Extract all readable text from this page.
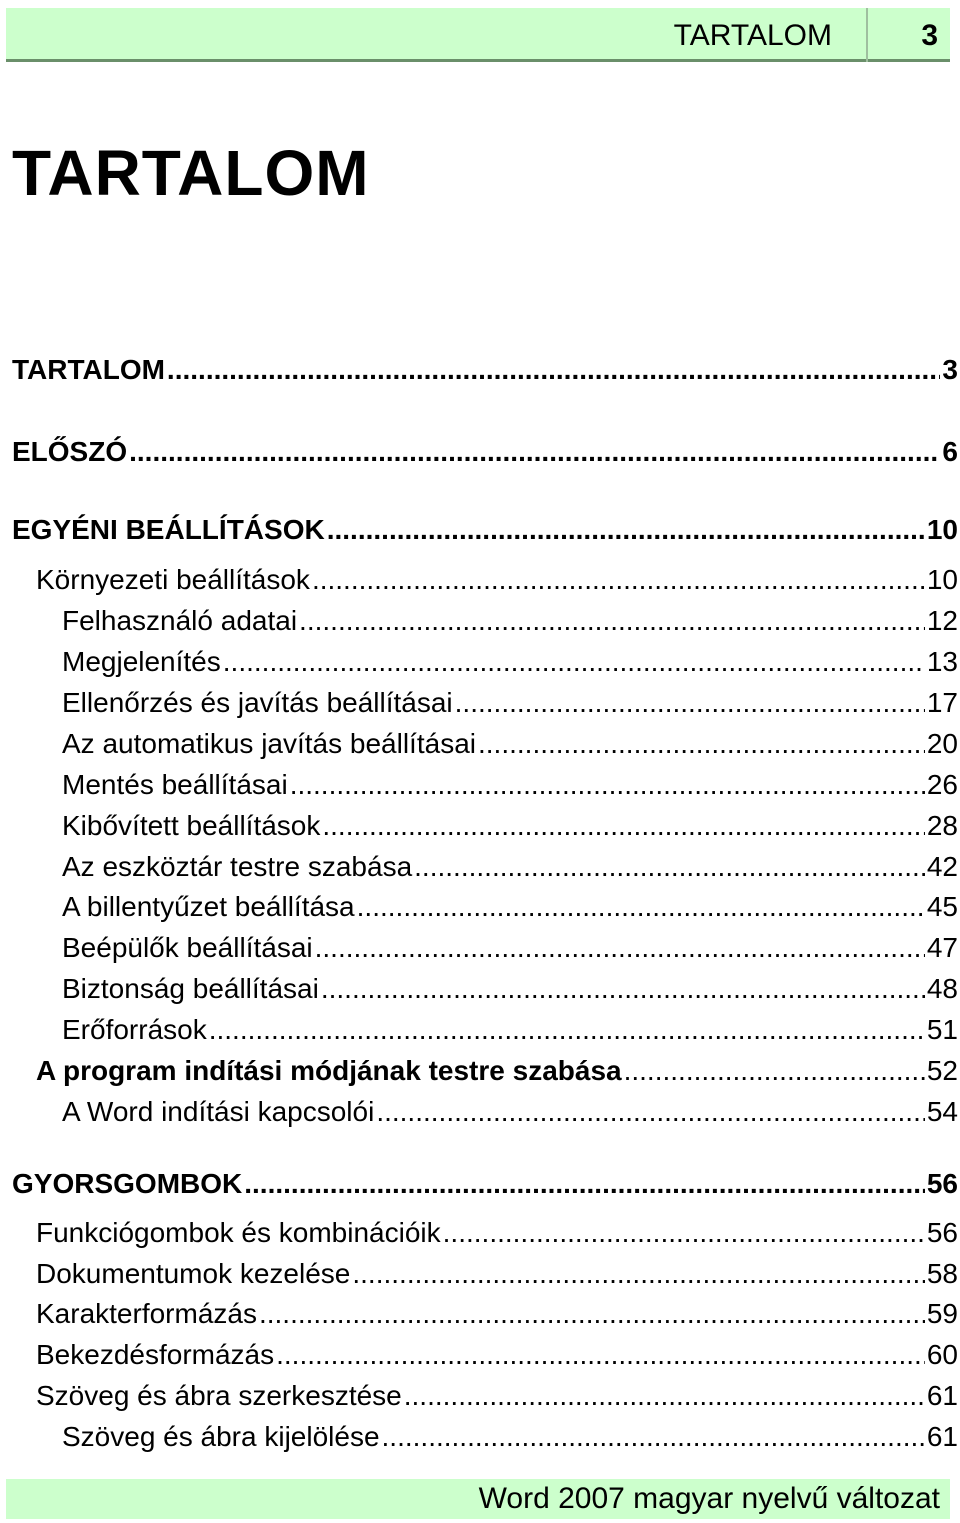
TARTALOM	3
TARTALOM
TARTALOM .....	3
ELŐSZÓ .....	6
EGYÉNI BEÁLLÍTÁSOK .....	10
Környezeti beállítások .....	10
Felhasználó adatai .....	12
Megjelenítés .....	13
Ellenőrzés és javítás beállításai .....	17
Az automatikus javítás beállításai .....	20
Mentés beállításai .....	26
Kibővített beállítások .....	28
Az eszköztár testre szabása .....	42
A billentyűzet beállítása .....	45
Beépülők beállításai .....	47
Biztonság beállításai .....	48
Erőforrások .....	51
A program indítási módjának testre szabása .....	52
A Word indítási kapcsolói .....	54
GYORSGOMBOK .....	56
Funkciógombok és kombinációik .....	56
Dokumentumok kezelése .....	58
Karakterformázás .....	59
Bekezdésformázás .....	60
Szöveg és ábra szerkesztése .....	61
Szöveg és ábra kijelölése .....	61
Word 2007 magyar nyelvű változat
